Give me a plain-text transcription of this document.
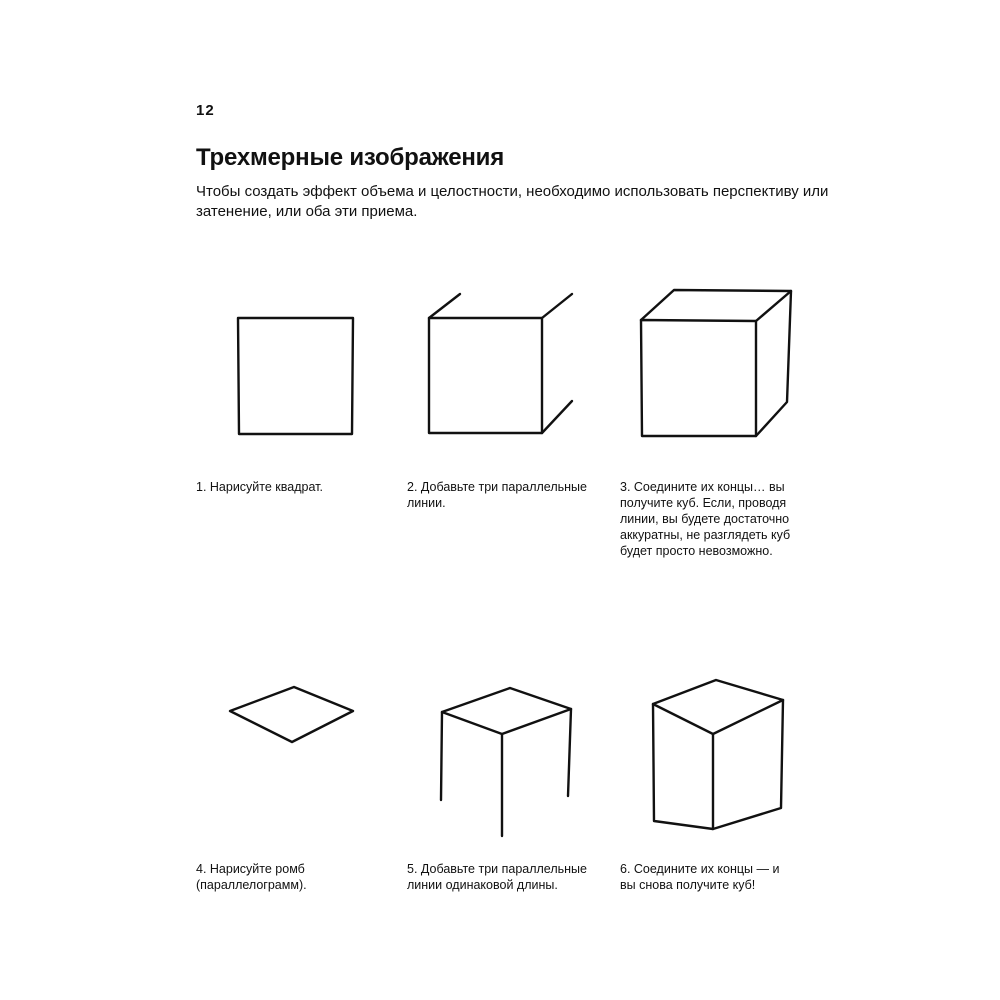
12
Трехмерные изображения

Чтобы создать эффект объема и целостности, необходимо использовать перспективу или затенение, или оба эти приема.

1. Нарисуйте квадрат.	2. Добавьте три параллельные линии.

3. Соедините их концы… вы получите куб. Если, проводя линии, вы будете достаточно аккуратны, не разглядеть куб будет просто невозможно.

4. Нарисуйте ромб (параллелограмм).

5. Добавьте три параллельные линии одинаковой длины.

6. Соедините их концы — и вы снова получите куб!
